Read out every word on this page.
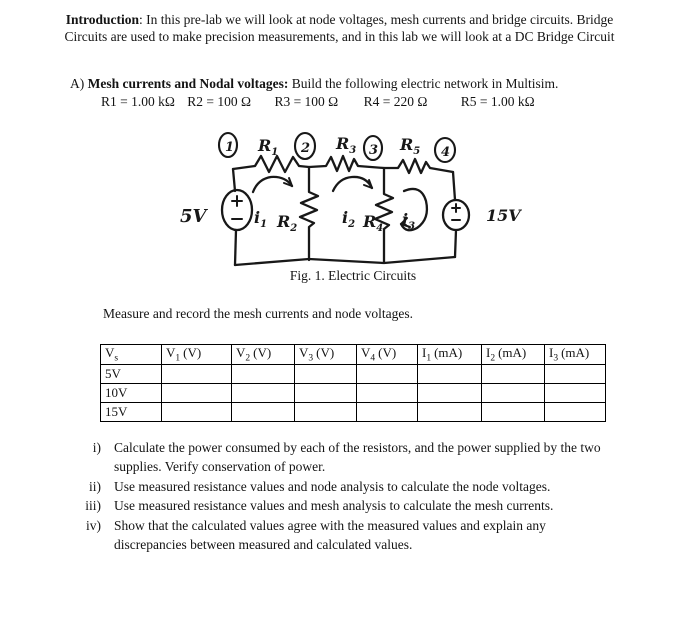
Introduction: In this pre-lab we will look at node voltages, mesh currents and bridge circuits. Bridge
Circuits are used to make precision measurements, and in this lab we will look at a DC Bridge Circuit
A) Mesh currents and Nodal voltages: Build the following electric network in Multisim.
R1 = 1.00 kΩ R2 = 100 Ω R3 = 100 Ω R4 = 220 Ω R5 = 1.00 kΩ
1	2	3	4
$R_1$	$R_3$	$R_5$
$i_1$ $R_2$
$i_2$ $R_4$ $i_3$
5V	15V
Fig. 1. Electric Circuits
Measure and record the mesh currents and node voltages.
$V_s$	$V_1$ (V)	$V_2$ (V)	$V_3$ (V)	$V_4$ (V)	$I_1$ (mA)	$I_2$ (mA)	$I_3$ (mA)
5V							
10V							
15V							
i) Calculate the power consumed by each of the resistors, and the power supplied by the two
supplies. Verify conservation of power.
ii) Use measured resistance values and node analysis to calculate the node voltages.
iii) Use measured resistance values and mesh analysis to calculate the mesh currents.
iv) Show that the calculated values agree with the measured values and explain any
discrepancies between measured and calculated values.
